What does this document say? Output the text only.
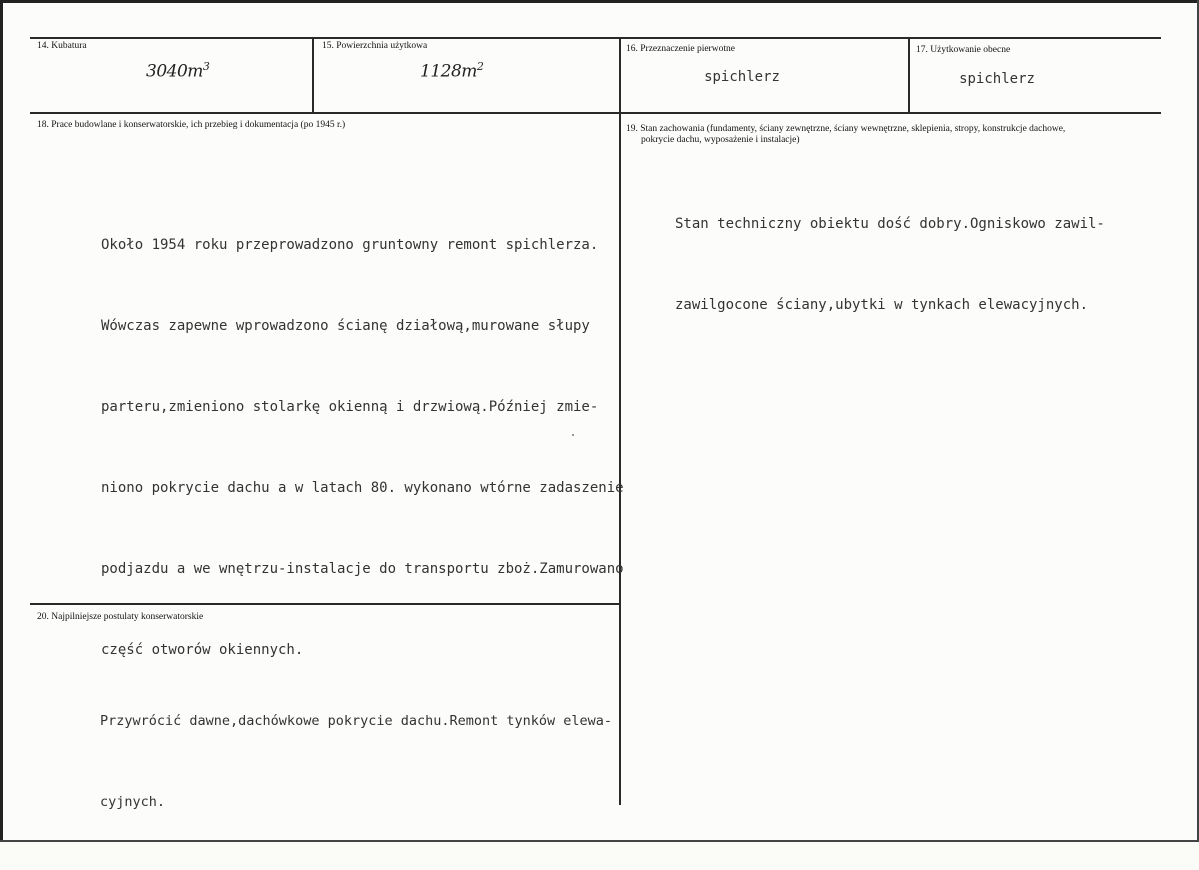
14. Kubatura
$3040m^3$
15. Powierzchnia użytkowa
$1128m^2$
16. Przeznaczenie pierwotne
spichlerz
17. Użytkowanie obecne
spichlerz
18. Prace budowlane i konserwatorskie, ich przebieg i dokumentacja (po 1945 r.)

Około 1954 roku przeprowadzono gruntowny remont spichlerza.

Wówczas zapewne wprowadzono ścianę działową,murowane słupy

parteru,zmieniono stolarkę okienną i drzwiową.Później zmie-

niono pokrycie dachu a w latach 80. wykonano wtórne zadaszenie

podjazdu a we wnętrzu-instalacje do transportu zboż.Zamurowano

część otworów okiennych.

19. Stan zachowania (fundamenty, ściany zewnętrzne, ściany wewnętrzne, sklepienia, stropy, konstrukcje dachowe,
pokrycie dachu, wyposażenie i instalacje)

Stan techniczny obiektu dość dobry.Ogniskowo zawil-

zawilgocone ściany,ubytki w tynkach elewacyjnych.

20. Najpilniejsze postulaty konserwatorskie

Przywrócić dawne,dachówkowe pokrycie dachu.Remont tynków elewa-

cyjnych.
